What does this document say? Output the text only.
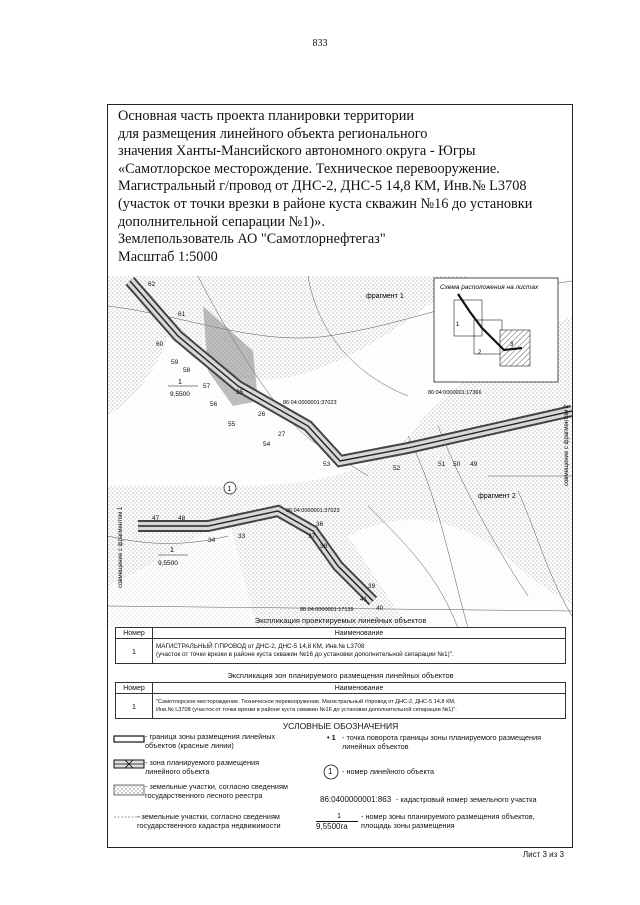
833
Основная часть проекта планировки территории
для размещения линейного объекта регионального
значения Ханты-Мансийского автономного округа - Югры
«Самотлорское месторождение. Техническое перевооружение.
Магистральный г/провод от ДНС-2, ДНС-5 14,8 КМ, Инв.№ L3708
(участок от точки врезки в районе куста скважин №16 до установки
дополнительной сепарации №1)».
Землепользователь АО "Самотлорнефтегаз"
Масштаб 1:5000
фрагмент 1
фрагмент 2
Схема расположения на листах
1
2
3
86:04:0000001:17366
86:04:0000001:37023
86:04:0000001:37023
86:04:0000001:17139
1
9,5500
1
9,5500
1
совмещение с фрагментом 2
совмещение с фрагментом 1
62
61
60
59
58
57
56
55
54
53
52
51 50 49
26
25
27
36
37
38
39
40
41
47	48
34
33
Экспликация проектируемых линейных объектов
Номер	Наименование
1	МАГИСТРАЛЬНЫЙ Г/ПРОВОД от ДНС-2, ДНС-5 14,8 КМ, Инв.№ L3708
(участок от точки врезки в районе куста скважин №16 до установки дополнительной сепарации №1)".
Экспликация зон планируемого размещения линейных объектов
Номер	Наименование
1	"Самотлорское месторождение. Техническое перевооружение. Магистральный г/провод от ДНС-2, ДНС-5 14,8 КМ,
Инв.№ L3708 (участок от точки врезки в районе куста скважин №16 до установки дополнительной сепарации №1)".
УСЛОВНЫЕ ОБОЗНАЧЕНИЯ
- граница зоны размещения линейных объектов (красные линии)
- зона планируемого размещения линейного объекта
- земельные участки, согласно сведениям государственного лесного реестра
- земельные участки, согласно сведениям государственного кадастра недвижимости
• 1 - точка поворота границы зоны планируемого размещения линейных объектов
1 - номер линейного объекта
86:0400000001:863 - кадастровый номер земельного участка
1
9,5500га
- номер зоны планируемого размещения объектов, площадь зоны размещения
Лист 3 из 3
